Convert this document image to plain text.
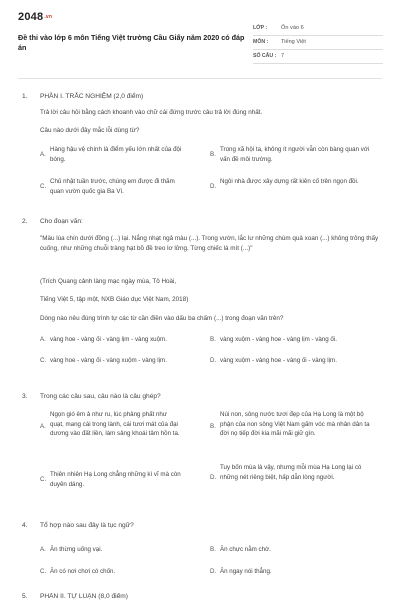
$2048^{.vn}$
Đề thi vào lớp 6 môn Tiếng Việt trường Cầu Giấy năm 2020 có đáp án
LỚP :	Ôn vào 6
MÔN :	Tiếng Việt
SỐ CÂU : 7
1. PHẦN I. TRẮC NGHIỆM (2,0 điểm)
Trả lời câu hỏi bằng cách khoanh vào chữ cái đứng trước câu trả lời đúng nhất.
Câu nào dưới đây mắc lỗi dùng từ?
A.
Hàng hậu vệ chính là điểm yếu lớn nhất của đội bóng.
B.
Trong xã hội ta, không ít người vẫn còn bàng quan với vấn đề môi trường.
C.
Chủ nhật tuần trước, chúng em được đi thăm quan vườn quốc gia Ba Vì.
D.
Ngôi nhà được xây dựng rất kiên cố trên ngọn đồi.
2. Cho đoạn văn:
"Màu lúa chín dưới đồng (...) lại. Nắng nhạt ngả màu (...). Trong vườn, lắc lư những chùm quả xoan (...) không trông thấy cuống, như những chuỗi tràng hạt bồ đề treo lơ lửng. Từng chiếc lá mít (...)"
(Trích Quang cảnh làng mạc ngày mùa, Tô Hoài,
Tiếng Việt 5, tập một, NXB Giáo dục Việt Nam, 2018)
Dòng nào nêu đúng trình tự các từ cần điền vào dấu ba chấm (...) trong đoạn văn trên?
A. vàng hoe - vàng ối - vàng lịm - vàng xuộm.	B. vàng xuộm - vàng hoe - vàng lịm - vàng ối.
C. vàng hoe - vàng ối - vàng xuộm - vàng lịm.	D. vàng xuộm - vàng hoe - vàng ối - vàng lịm.
3. Trong các câu sau, câu nào là câu ghép?
A.
Ngọn gió êm ả như ru, lúc phảng phất như quạt, mang cái trong lành, cái tươi mát của đại dương vào đất liền, làm sảng khoái tâm hồn ta.
B.
Núi non, sông nước tươi đẹp của Hạ Long là một bộ phận của non sông Việt Nam gấm vóc mà nhân dân ta đời nọ tiếp đời kia mãi mãi giữ gìn.
C.
Thiên nhiên Hạ Long chẳng những kì vĩ mà còn duyên dáng.
D.
Tuy bốn mùa là vậy, nhưng mỗi mùa Hạ Long lại có những nét riêng biệt, hấp dẫn lòng người.
4. Tổ hợp nào sau đây là tục ngữ?
A. Ăn thừng uống vại.	B. Ăn chực nằm chờ.
C. Ăn có nơi chơi có chốn.	D. Ăn ngay nói thẳng.
5. PHẦN II. TỰ LUẬN (8,0 điểm)
